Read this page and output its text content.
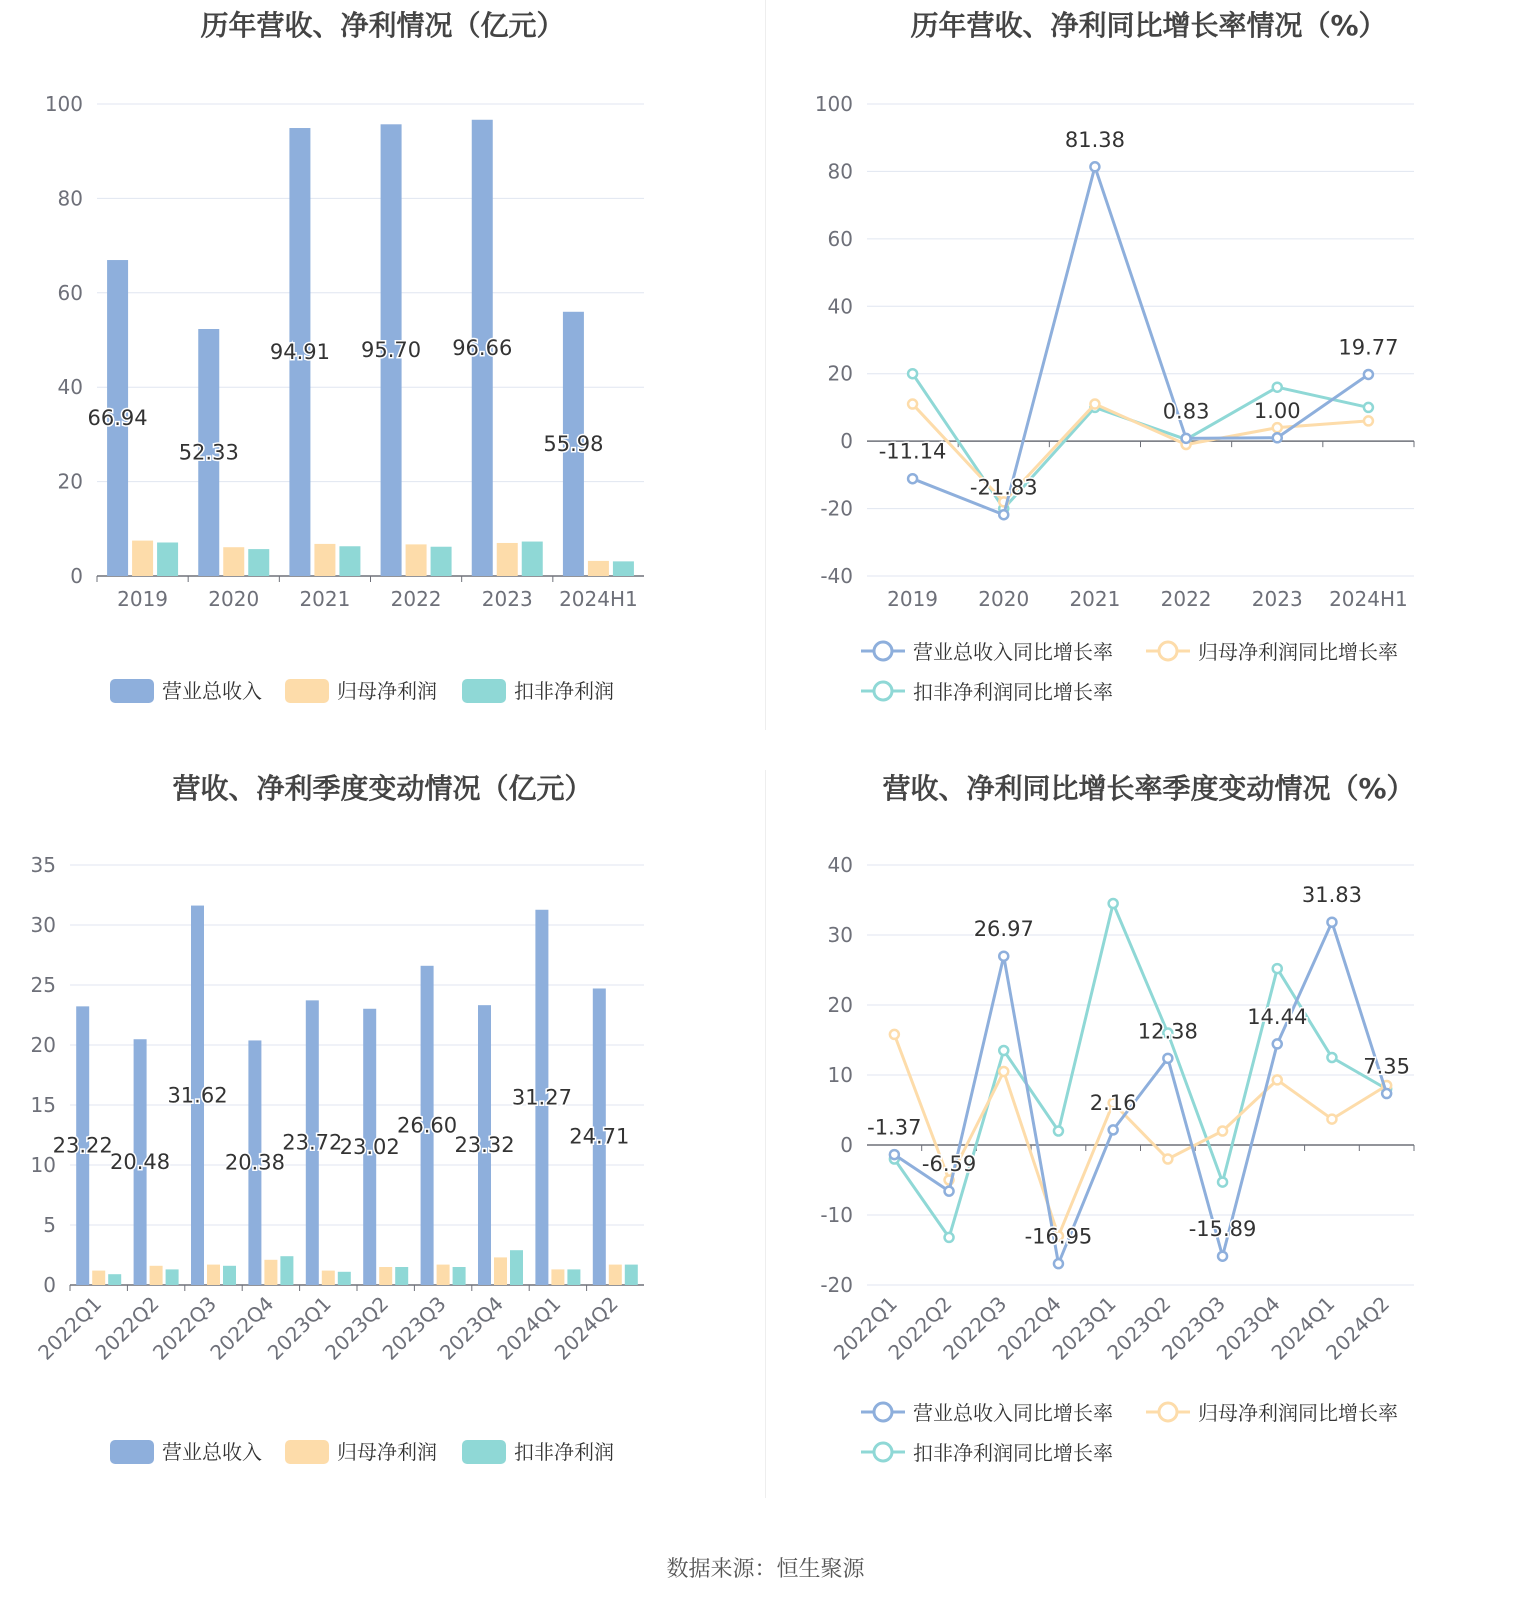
历年营收、净利情况（亿元）
0
20
40
60
80
100
2019 2020 2021 2022 2023 2024H1
66.94
52.33
94.91 95.70 96.66
55.98
营业总收入	归母净利润	扣非净利润
历年营收、净利同比增长率情况（%）
-40
-20
0
20
40
60
80
100
2019 2020 2021 2022 2023 2024H1
-11.14
-21.83
81.38
0.83 1.00
19.77
营业总收入同比增长率	归母净利润同比增长率
扣非净利润同比增长率
营收、净利季度变动情况（亿元）
0
5
10
15
20
25
30
35
2022Q1
2022Q2
2022Q3
2022Q4
2023Q1
2023Q2
2023Q3
2023Q4
2024Q1
2024Q2
23.22
20.48
31.62
20.38
23.72
23.02
26.60
23.32
31.27
24.71
营业总收入	归母净利润	扣非净利润
营收、净利同比增长率季度变动情况（%）
-20
-10
0
10
20
30
40
2022Q1
2022Q2
2022Q3
2022Q4
2023Q1
2023Q2
2023Q3
2023Q4
2024Q1
2024Q2
-1.37
-6.59
26.97
-16.95
2.16
12.38
-15.89
14.44
31.83
7.35
营业总收入同比增长率	归母净利润同比增长率
扣非净利润同比增长率
数据来源：恒生聚源
